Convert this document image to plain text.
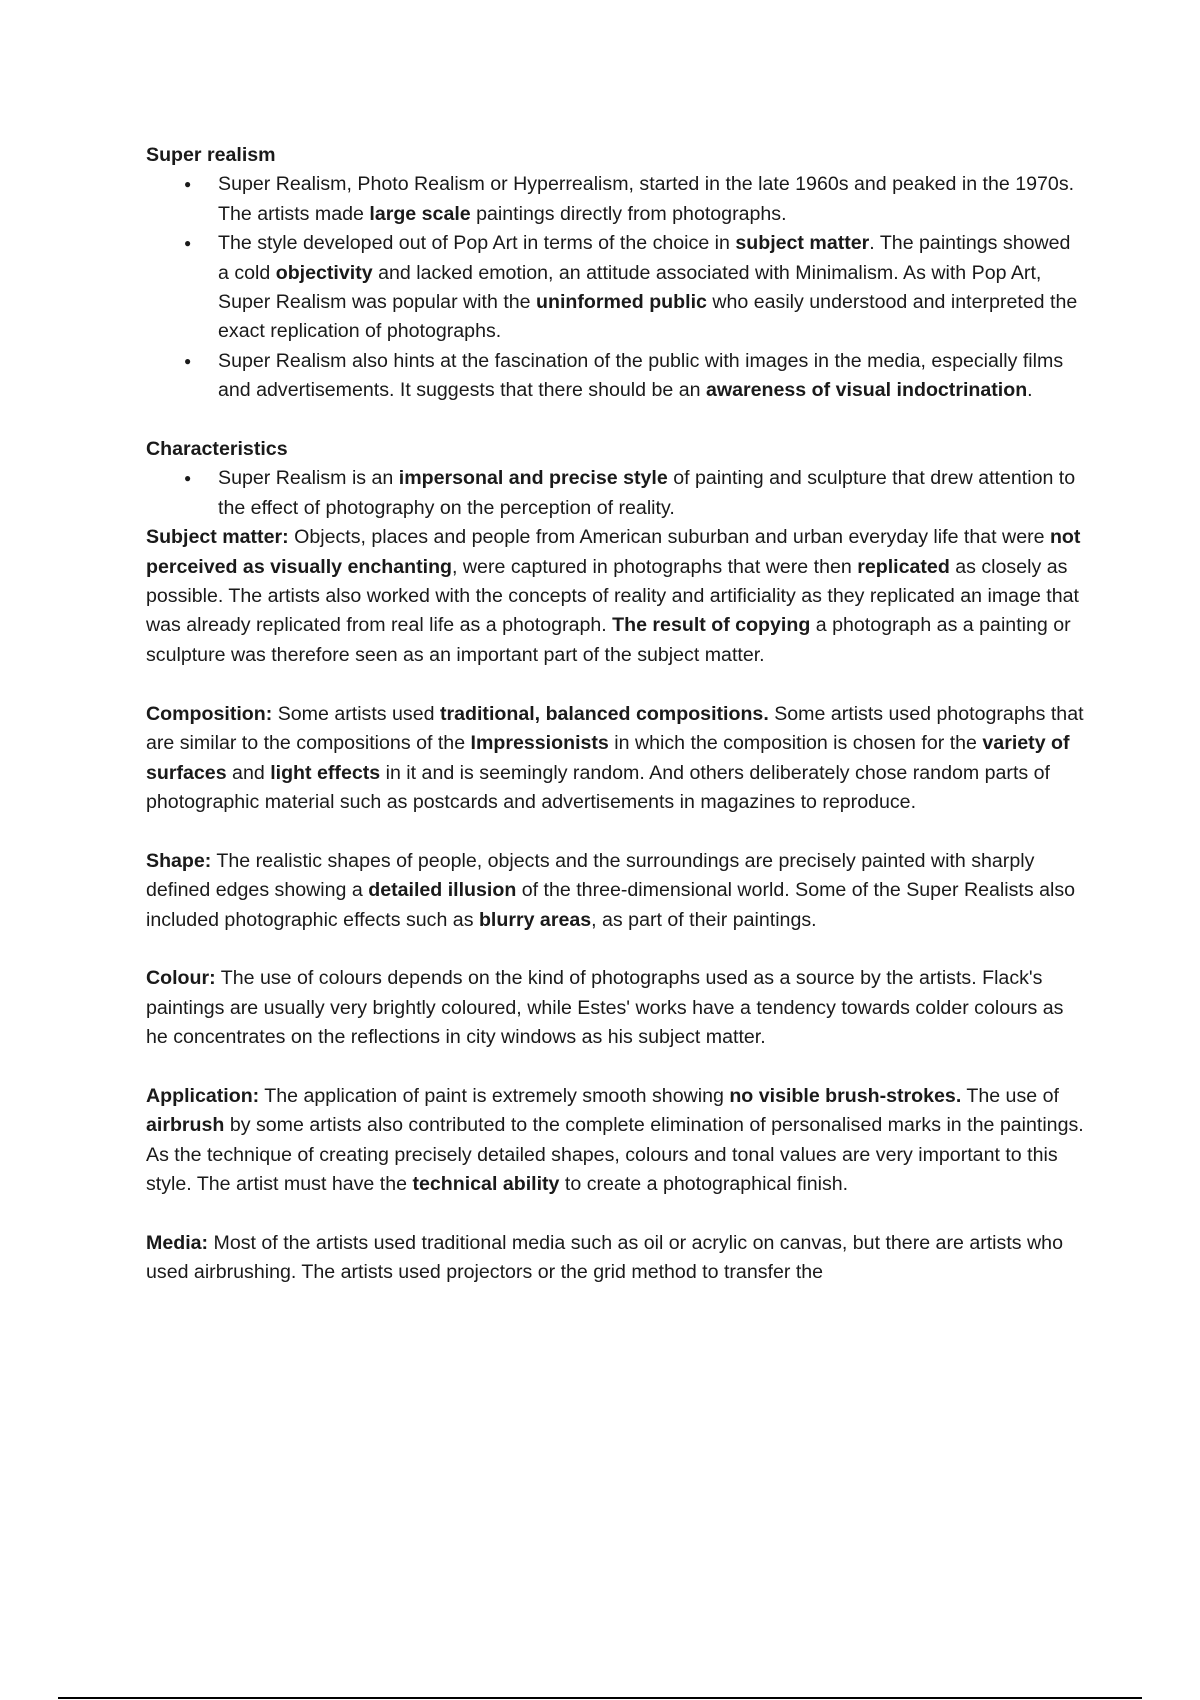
Super realism

● Super Realism, Photo Realism or Hyperrealism, started in the late 1960s and peaked in the 1970s. The artists made large scale paintings directly from photographs.
● The style developed out of Pop Art in terms of the choice in subject matter. The paintings showed a cold objectivity and lacked emotion, an attitude associated with Minimalism. As with Pop Art, Super Realism was popular with the uninformed public who easily understood and interpreted the exact replication of photographs.
● Super Realism also hints at the fascination of the public with images in the media, especially films and advertisements. It suggests that there should be an awareness of visual indoctrination.

Characteristics

● Super Realism is an impersonal and precise style of painting and sculpture that drew attention to the effect of photography on the perception of reality.

Subject matter: Objects, places and people from American suburban and urban everyday life that were not perceived as visually enchanting, were captured in photographs that were then replicated as closely as possible. The artists also worked with the concepts of reality and artificiality as they replicated an image that was already replicated from real life as a photograph. The result of copying a photograph as a painting or sculpture was therefore seen as an important part of the subject matter.

Composition: Some artists used traditional, balanced compositions. Some artists used photographs that are similar to the compositions of the Impressionists in which the composition is chosen for the variety of surfaces and light effects in it and is seemingly random. And others deliberately chose random parts of photographic material such as postcards and advertisements in magazines to reproduce.

Shape: The realistic shapes of people, objects and the surroundings are precisely painted with sharply defined edges showing a detailed illusion of the three-dimensional world. Some of the Super Realists also included photographic effects such as blurry areas, as part of their paintings.

Colour: The use of colours depends on the kind of photographs used as a source by the artists. Flack's paintings are usually very brightly coloured, while Estes' works have a tendency towards colder colours as he concentrates on the reflections in city windows as his subject matter.

Application: The application of paint is extremely smooth showing no visible brush-strokes. The use of airbrush by some artists also contributed to the complete elimination of personalised marks in the paintings. As the technique of creating precisely detailed shapes, colours and tonal values are very important to this style. The artist must have the technical ability to create a photographical finish.

Media: Most of the artists used traditional media such as oil or acrylic on canvas, but there are artists who used airbrushing. The artists used projectors or the grid method to transfer the
